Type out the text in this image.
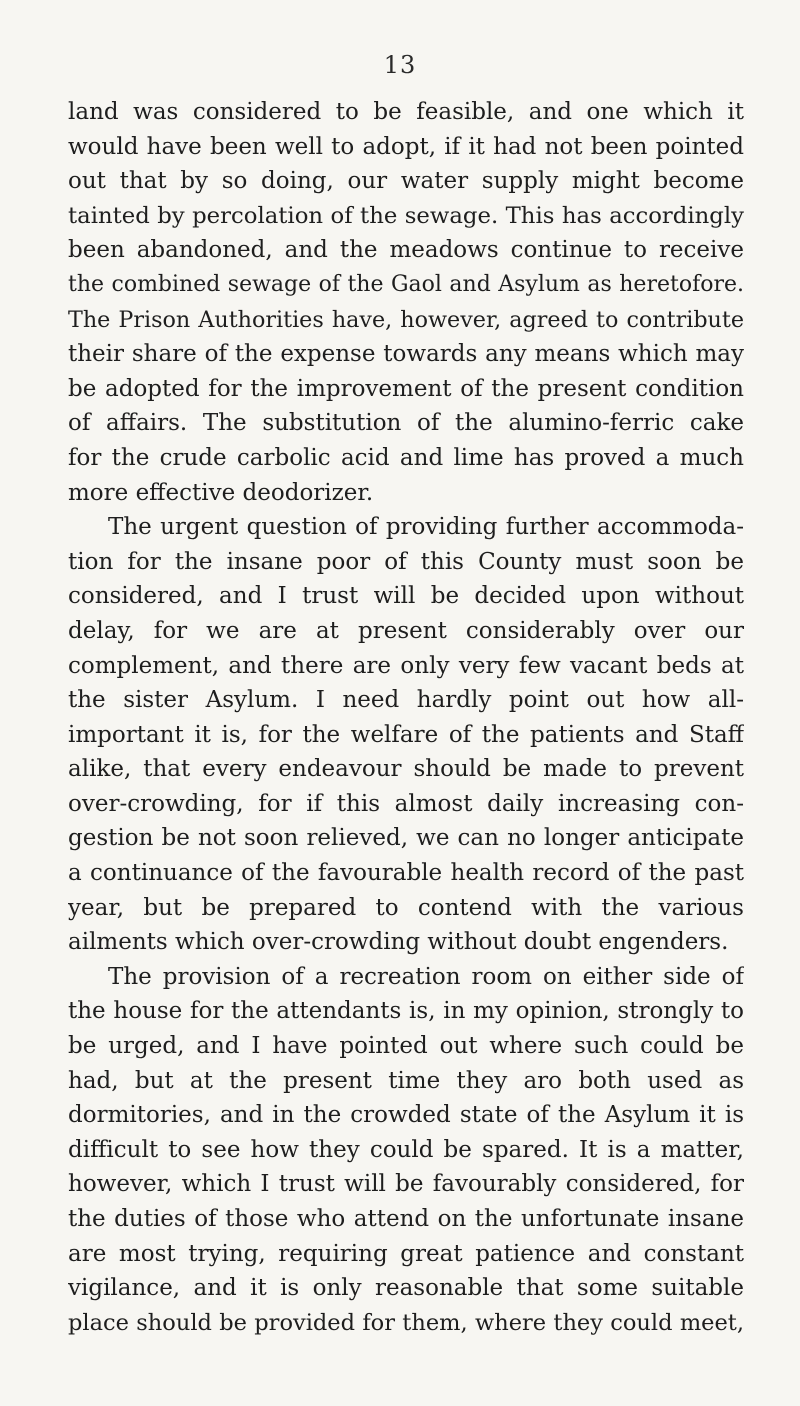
13
land was considered to be feasible, and one which it
would have been well to adopt, if it had not been pointed
out that by so doing, our water supply might become
tainted by percolation of the sewage. This has accordingly
been abandoned, and the meadows continue to receive
the combined sewage of the Gaol and Asylum as heretofore.
The Prison Authorities have, however, agreed to contribute
their share of the expense towards any means which may
be adopted for the improvement of the present condition
of affairs. The substitution of the alumino-ferric cake
for the crude carbolic acid and lime has proved a much
more effective deodorizer.
The urgent question of providing further accommoda-
tion for the insane poor of this County must soon be
considered, and I trust will be decided upon without
delay, for we are at present considerably over our
complement, and there are only very few vacant beds at
the sister Asylum. I need hardly point out how all-
important it is, for the welfare of the patients and Staff
alike, that every endeavour should be made to prevent
over-crowding, for if this almost daily increasing con-
gestion be not soon relieved, we can no longer anticipate
a continuance of the favourable health record of the past
year, but be prepared to contend with the various
ailments which over-crowding without doubt engenders.
The provision of a recreation room on either side of
the house for the attendants is, in my opinion, strongly to
be urged, and I have pointed out where such could be
had, but at the present time they aro both used as
dormitories, and in the crowded state of the Asylum it is
difficult to see how they could be spared. It is a matter,
however, which I trust will be favourably considered, for
the duties of those who attend on the unfortunate insane
are most trying, requiring great patience and constant
vigilance, and it is only reasonable that some suitable
place should be provided for them, where they could meet,
